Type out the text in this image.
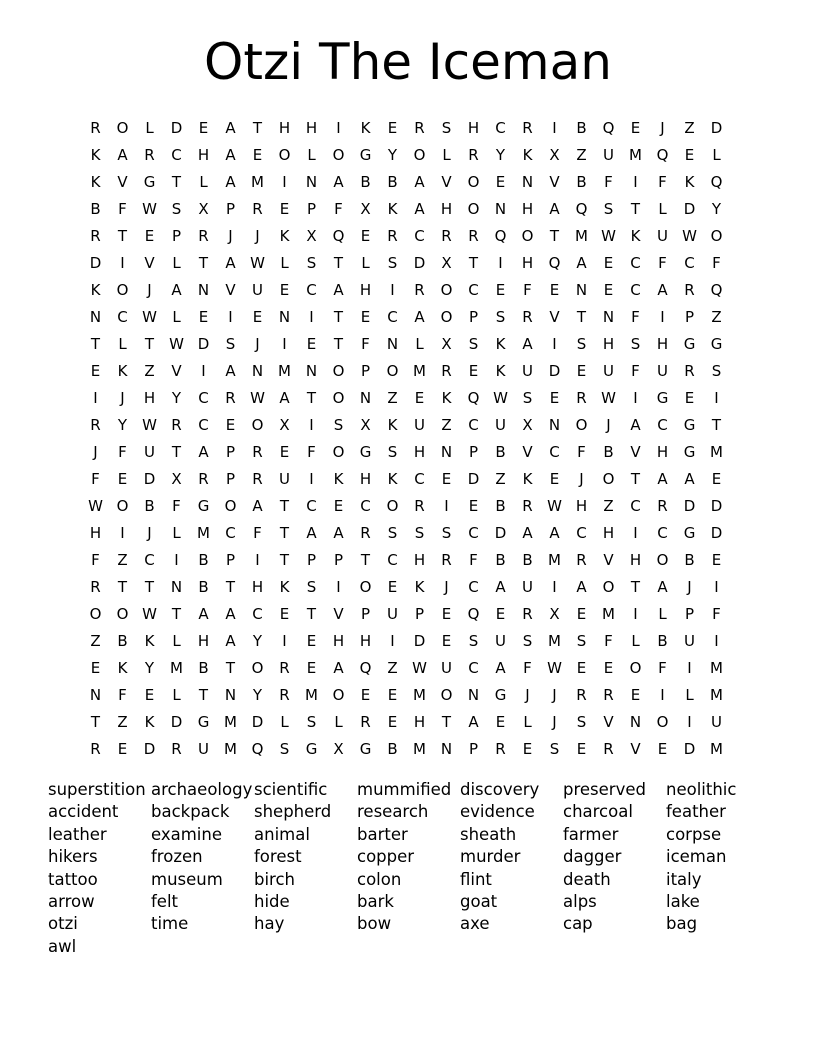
Otzi The Iceman
R	O	L	D	E	A	T	H	H	I	K	E	R	S	H	C	R	I	B	Q	E	J	Z	D
K	A	R	C	H	A	E	O	L	O	G	Y	O	L	R	Y	K	X	Z	U	M Q	E	L
K	V	G	T	L	A	M	I	N	A	B	B	A	V	O	E	N	V	B	F	I	F	K	Q
B	F	W S	X	P	R	E	P	F	X	K	A	H	O	N	H	A	Q	S	T	L	D	Y
R	T	E	P	R	J	J	K	X	Q	E	R	C	R	R	Q	O	T	M W K	U W O
D	I	V	L	T	A W	L	S	T	L	S	D	X	T	I	H	Q	A	E	C	F	C	F
K	O	J	A	N	V	U	E	C	A	H	I	R	O	C	E	F	E	N	E	C	A	R	Q
N	C W	L	E	I	E	N	I	T	E	C	A	O	P	S	R	V	T	N	F	I	P	Z
T	L	T	W D	S	J	I	E	T	F	N	L	X	S	K	A	I	S	H	S	H	G	G
E	K	Z	V	I	A	N M N	O	P	O M	R	E	K	U	D	E	U	F	U	R	S
I	J	H	Y	C	R W A	T	O	N	Z	E	K	Q W S	E	R W	I	G	E	I
R	Y	W R	C	E	O	X	I	S	X	K	U	Z	C	U	X	N	O	J	A	C	G	T
J	F	U	T	A	P	R	E	F	O	G	S	H	N	P	B	V	C	F	B	V	H	G M
F	E	D	X	R	P	R	U	I	K	H	K	C	E	D	Z	K	E	J	O	T	A	A	E
W O	B	F	G	O	A	T	C	E	C	O	R	I	E	B	R W H	Z	C	R	D	D
H	I	J	L	M	C	F	T	A	A	R	S	S	S	C	D	A	A	C	H	I	C	G	D
F	Z	C	I	B	P	I	T	P	P	T	C	H	R	F	B	B	M	R	V	H	O	B	E
R	T	T	N	B	T	H	K	S	I	O	E	K	J	C	A	U	I	A	O	T	A	J	I
O	O W T	A	A	C	E	T	V	P	U	P	E	Q	E	R	X	E	M	I	L	P	F
Z	B	K	L	H	A	Y	I	E	H	H	I	D	E	S	U	S	M	S	F	L	B	U	I
E	K	Y	M	B	T	O	R	E	A	Q	Z W U	C	A	F	W E	E	O	F	I	M
N	F	E	L	T	N	Y	R	M O	E	E	M O	N	G	J	J	R	R	E	I	L	M
T	Z	K	D	G M D	L	S	L	R	E	H	T	A	E	L	J	S	V	N	O	I	U
R	E	D	R	U	M Q	S	G	X	G	B	M N	P	R	E	S	E	R	V	E	D M
superstition archaeology scientific	mummified discovery	preserved	neolithic
accident	backpack	shepherd	research	evidence	charcoal	feather
leather	examine	animal	barter	sheath	farmer	corpse
hikers	frozen	forest	copper	murder	dagger	iceman
tattoo	museum	birch	colon	flint	death	italy
arrow	felt	hide	bark	goat	alps	lake
otzi	time	hay	bow	axe	cap	bag
awl
